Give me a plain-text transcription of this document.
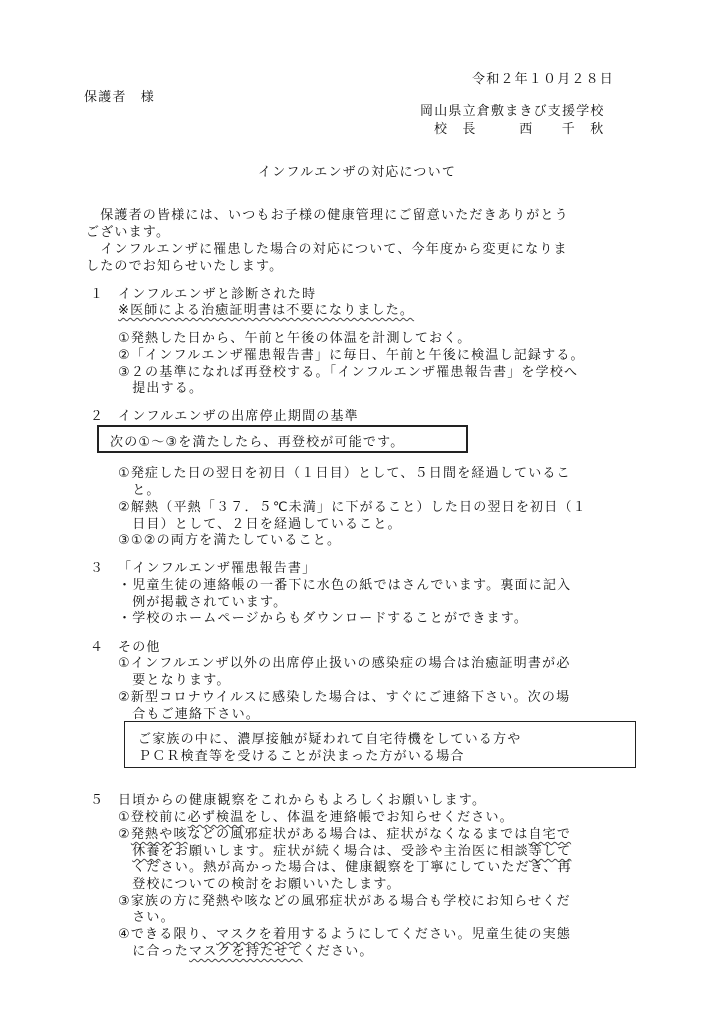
令和２年１０月２８日
保護者　様
岡山県立倉敷まきび支援学校
校　長　　　西　　千　秋
インフルエンザの対応について
　保護者の皆様には、いつもお子様の健康管理にご留意いただきありがとう
ございます。
　インフルエンザに罹患した場合の対応について、今年度から変更になりま
したのでお知らせいたします。
１ インフルエンザと診断された時
※医師による治癒証明書は不要になりました。
①発熱した日から、午前と午後の体温を計測しておく。
②「インフルエンザ罹患報告書」に毎日、午前と午後に検温し記録する。
③２の基準になれば再登校する。「インフルエンザ罹患報告書」を学校へ
　提出する。
２ インフルエンザの出席停止期間の基準
次の①～③を満たしたら、再登校が可能です。
①発症した日の翌日を初日（１日目）として、５日間を経過しているこ
　と。
②解熱（平熱「３７．５℃未満」に下がること）した日の翌日を初日（１
　日目）として、２日を経過していること。
③①②の両方を満たしていること。
３ 「インフルエンザ罹患報告書」
・児童生徒の連絡帳の一番下に水色の紙ではさんでいます。裏面に記入
　例が掲載されています。
・学校のホームページからもダウンロードすることができます。
４ その他
①インフルエンザ以外の出席停止扱いの感染症の場合は治癒証明書が必
　要となります。
②新型コロナウイルスに感染した場合は、すぐにご連絡下さい。次の場
　合もご連絡下さい。
ご家族の中に、濃厚接触が疑われて自宅待機をしている方や
ＰＣＲ検査等を受けることが決まった方がいる場合
５ 日頃からの健康観察をこれからもよろしくお願いします。
①登校前に必ず検温をし、体温を連絡帳でお知らせください。
②発熱や咳などの風邪症状がある場合は、症状がなくなるまでは自宅で
　休養をお願いします。症状が続く場合は、受診や主治医に相談等して
　ください。熱が高かった場合は、健康観察を丁寧にしていただき、再
　登校についての検討をお願いいたします。
③家族の方に発熱や咳などの風邪症状がある場合も学校にお知らせくだ
　さい。
④できる限り、マスクを着用するようにしてください。児童生徒の実態
　に合ったマスクを持たせてください。
